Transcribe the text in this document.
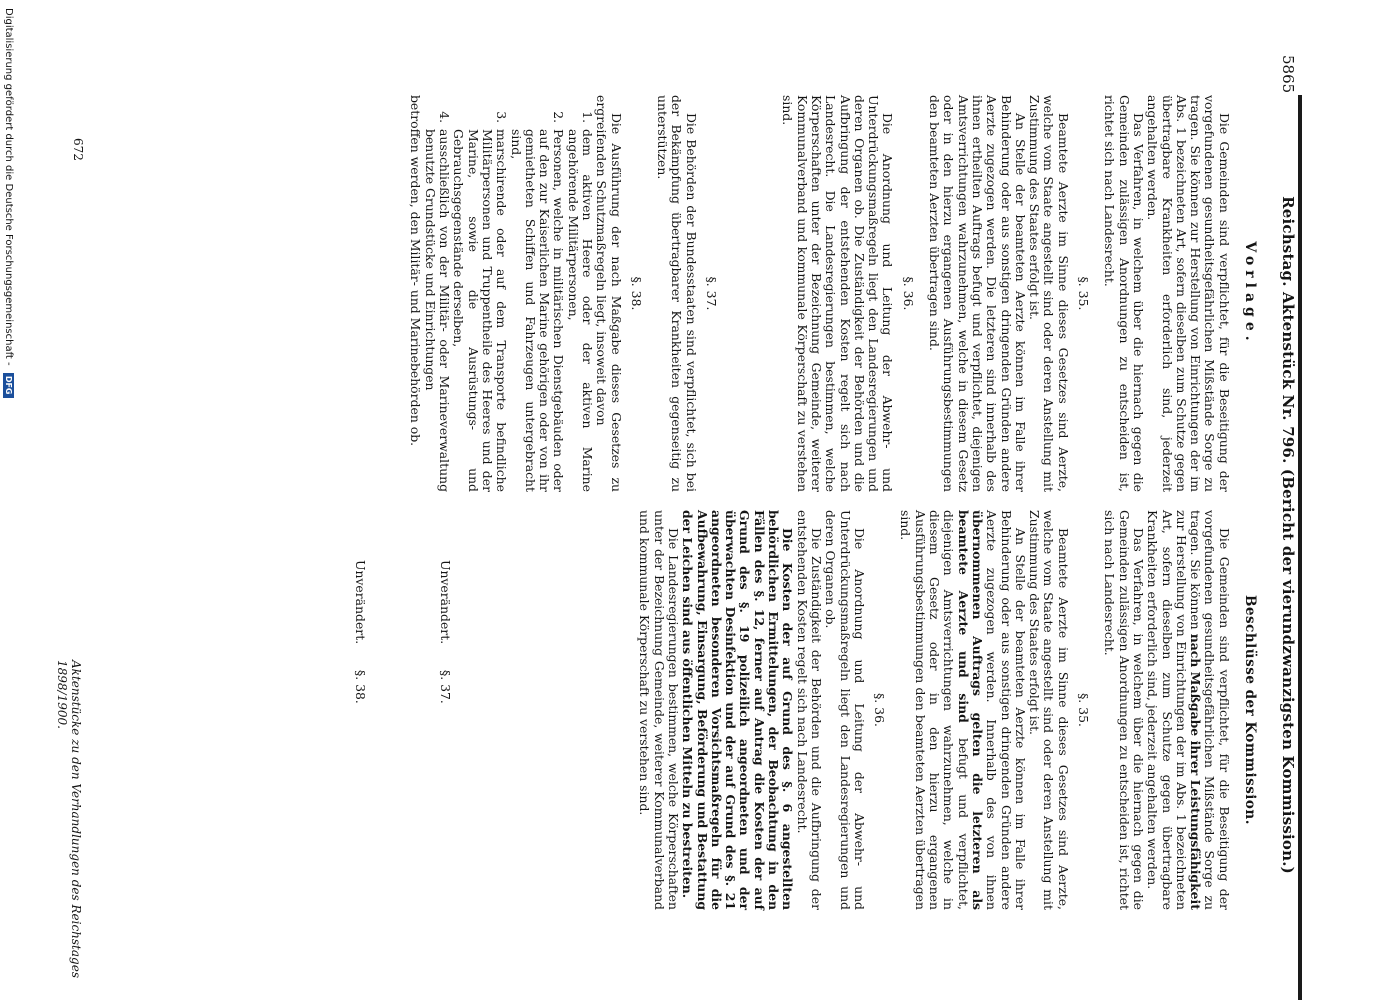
Reichstag. Aktenstück Nr. 796. (Bericht der vierundzwanzigsten Kommission.)
5865
Vorlage.

Die Gemeinden sind verpflichtet, für die Beseitigung der vorgefundenen gesundheitsgefährlichen Mißstände Sorge zu tragen. Sie können zur Herstellung von Einrichtungen der im Abs. 1 bezeichneten Art, sofern dieselben zum Schutze gegen übertragbare Krankheiten erforderlich sind, jederzeit angehalten werden.

Das Verfahren, in welchem über die hiernach gegen die Gemeinden zulässigen Anordnungen zu entscheiden ist, richtet sich nach Landesrecht.

§. 35.

Beamtete Aerzte im Sinne dieses Gesetzes sind Aerzte, welche vom Staate angestellt sind oder deren Anstellung mit Zustimmung des Staates erfolgt ist.

An Stelle der beamteten Aerzte können im Falle ihrer Behinderung oder aus sonstigen dringenden Gründen andere Aerzte zugezogen werden. Die letzteren sind innerhalb des ihnen ertheilten Auftrags befugt und verpflichtet, diejenigen Amtsverrichtungen wahrzunehmen, welche in diesem Gesetz oder in den hierzu ergangenen Ausführungsbestimmungen den beamteten Aerzten übertragen sind.

§. 36.

Die Anordnung und Leitung der Abwehr- und Unterdrückungsmaßregeln liegt den Landesregierungen und deren Organen ob. Die Zuständigkeit der Behörden und die Aufbringung der entstehenden Kosten regelt sich nach Landesrecht. Die Landesregierungen bestimmen, welche Körperschaften unter der Bezeichnung Gemeinde, weiterer Kommunalverband und kommunale Körperschaft zu verstehen sind.

§. 37.

Die Behörden der Bundesstaaten sind verpflichtet, sich bei der Bekämpfung übertragbarer Krankheiten gegenseitig zu unterstützen.

§. 38.

Die Ausführung der nach Maßgabe dieses Gesetzes zu ergreifenden Schutzmaßregeln liegt, insoweit davon

1. dem aktiven Heere oder der aktiven Marine angehörende Militärpersonen,
2. Personen, welche in militärischen Dienstgebäuden oder auf den zur Kaiserlichen Marine gehörigen oder von ihr gemietheten Schiffen und Fahrzeugen untergebracht sind,
3. marschirende oder auf dem Transporte befindliche Militärpersonen und Truppentheile des Heeres und der Marine, sowie die Ausrüstungs- und Gebrauchsgegenstände derselben,
4. ausschließlich von der Militär- oder Marineverwaltung benutzte Grundstücke und Einrichtungen

betroffen werden, den Militär- und Marinebehörden ob.

Beschlüsse der Kommission.

Die Gemeinden sind verpflichtet, für die Beseitigung der vorgefundenen gesundheitsgefährlichen Mißstände Sorge zu tragen. Sie können nach Maßgabe ihrer Leistungsfähigkeit zur Herstellung von Einrichtungen der im Abs. 1 bezeichneten Art, sofern dieselben zum Schutze gegen übertragbare Krankheiten erforderlich sind, jederzeit angehalten werden.

Das Verfahren, in welchem über die hiernach gegen die Gemeinden zulässigen Anordnungen zu entscheiden ist, richtet sich nach Landesrecht.

§. 35.

Beamtete Aerzte im Sinne dieses Gesetzes sind Aerzte, welche vom Staate angestellt sind oder deren Anstellung mit Zustimmung des Staates erfolgt ist.

An Stelle der beamteten Aerzte können im Falle ihrer Behinderung oder aus sonstigen dringenden Gründen andere Aerzte zugezogen werden. Innerhalb des von ihnen übernommenen Auftrags gelten die letzteren als beamtete Aerzte und sind befugt und verpflichtet, diejenigen Amtsverrichtungen wahrzunehmen, welche in diesem Gesetz oder in den hierzu ergangenen Ausführungsbestimmungen den beamteten Aerzten übertragen sind.

§. 36.

Die Anordnung und Leitung der Abwehr- und Unterdrückungsmaßregeln liegt den Landesregierungen und deren Organen ob.

Die Zuständigkeit der Behörden und die Aufbringung der entstehenden Kosten regelt sich nach Landesrecht.

Die Kosten der auf Grund des §. 6 angestellten behördlichen Ermittelungen, der Beobachtung in den Fällen des §. 12, ferner auf Antrag die Kosten der auf Grund des §. 19 polizeilich angeordneten und der überwachten Desinfektion und der auf Grund des §. 21 angeordneten besonderen Vorsichtsmaßregeln für die Aufbewahrung, Einsargung, Beförderung und Bestattung der Leichen sind aus öffentlichen Mitteln zu bestreiten.

Die Landesregierungen bestimmen, welche Körperschaften unter der Bezeichnung Gemeinde, weiterer Kommunalverband und kommunale Körperschaft zu verstehen sind.

§. 37.
Unverändert.
§. 38.
Unverändert.
Aktenstücke zu den Verhandlungen des Reichstages 1898/1900.
672
Digitalisierung gefördert durch die Deutsche Forschungsgemeinschaft - DFG
